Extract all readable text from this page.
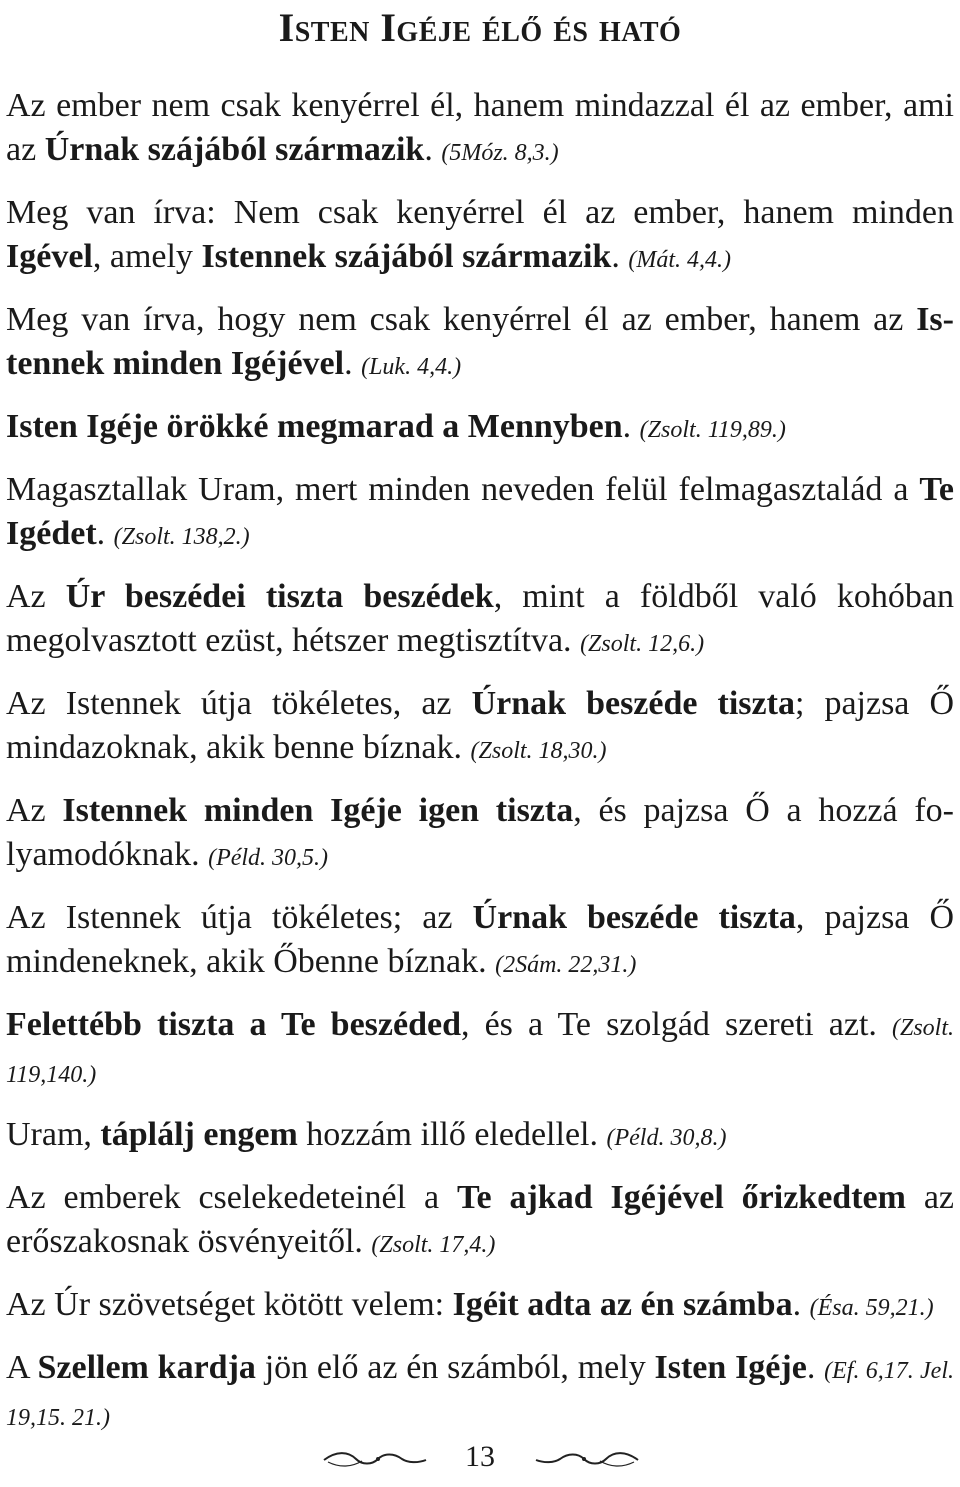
Isten Igéje élő és ható

Az ember nem csak kenyérrel él, hanem mindazzal él az ember, ami az Úrnak szájából származik. (5Móz. 8,3.)

Meg van írva: Nem csak kenyérrel él az ember, hanem minden Igével, amely Istennek szájából származik. (Mát. 4,4.)

Meg van írva, hogy nem csak kenyérrel él az ember, hanem az Istennek minden Igéjével. (Luk. 4,4.)

Isten Igéje örökké megmarad a Mennyben. (Zsolt. 119,89.)

Magasztallak Uram, mert minden neveden felül felmagasztalád a Te Igédet. (Zsolt. 138,2.)

Az Úr beszédei tiszta beszédek, mint a földből való kohóban megolvasztott ezüst, hétszer megtisztítva. (Zsolt. 12,6.)

Az Istennek útja tökéletes, az Úrnak beszéde tiszta; pajzsa Ő mindazoknak, akik benne bíznak. (Zsolt. 18,30.)

Az Istennek minden Igéje igen tiszta, és pajzsa Ő a hozzá folyamodóknak. (Péld. 30,5.)

Az Istennek útja tökéletes; az Úrnak beszéde tiszta, pajzsa Ő mindeneknek, akik Őbenne bíznak. (2Sám. 22,31.)

Felettébb tiszta a Te beszéded, és a Te szolgád szereti azt. (Zsolt. 119,140.)

Uram, táplálj engem hozzám illő eledellel. (Péld. 30,8.)

Az emberek cselekedeteinél a Te ajkad Igéjével őrizkedtem az erőszakosnak ösvényeitől. (Zsolt. 17,4.)

Az Úr szövetséget kötött velem: Igéit adta az én számba. (Ésa. 59,21.)

A Szellem kardja jön elő az én számból, mely Isten Igéje. (Ef. 6,17. Jel. 19,15. 21.)

13
